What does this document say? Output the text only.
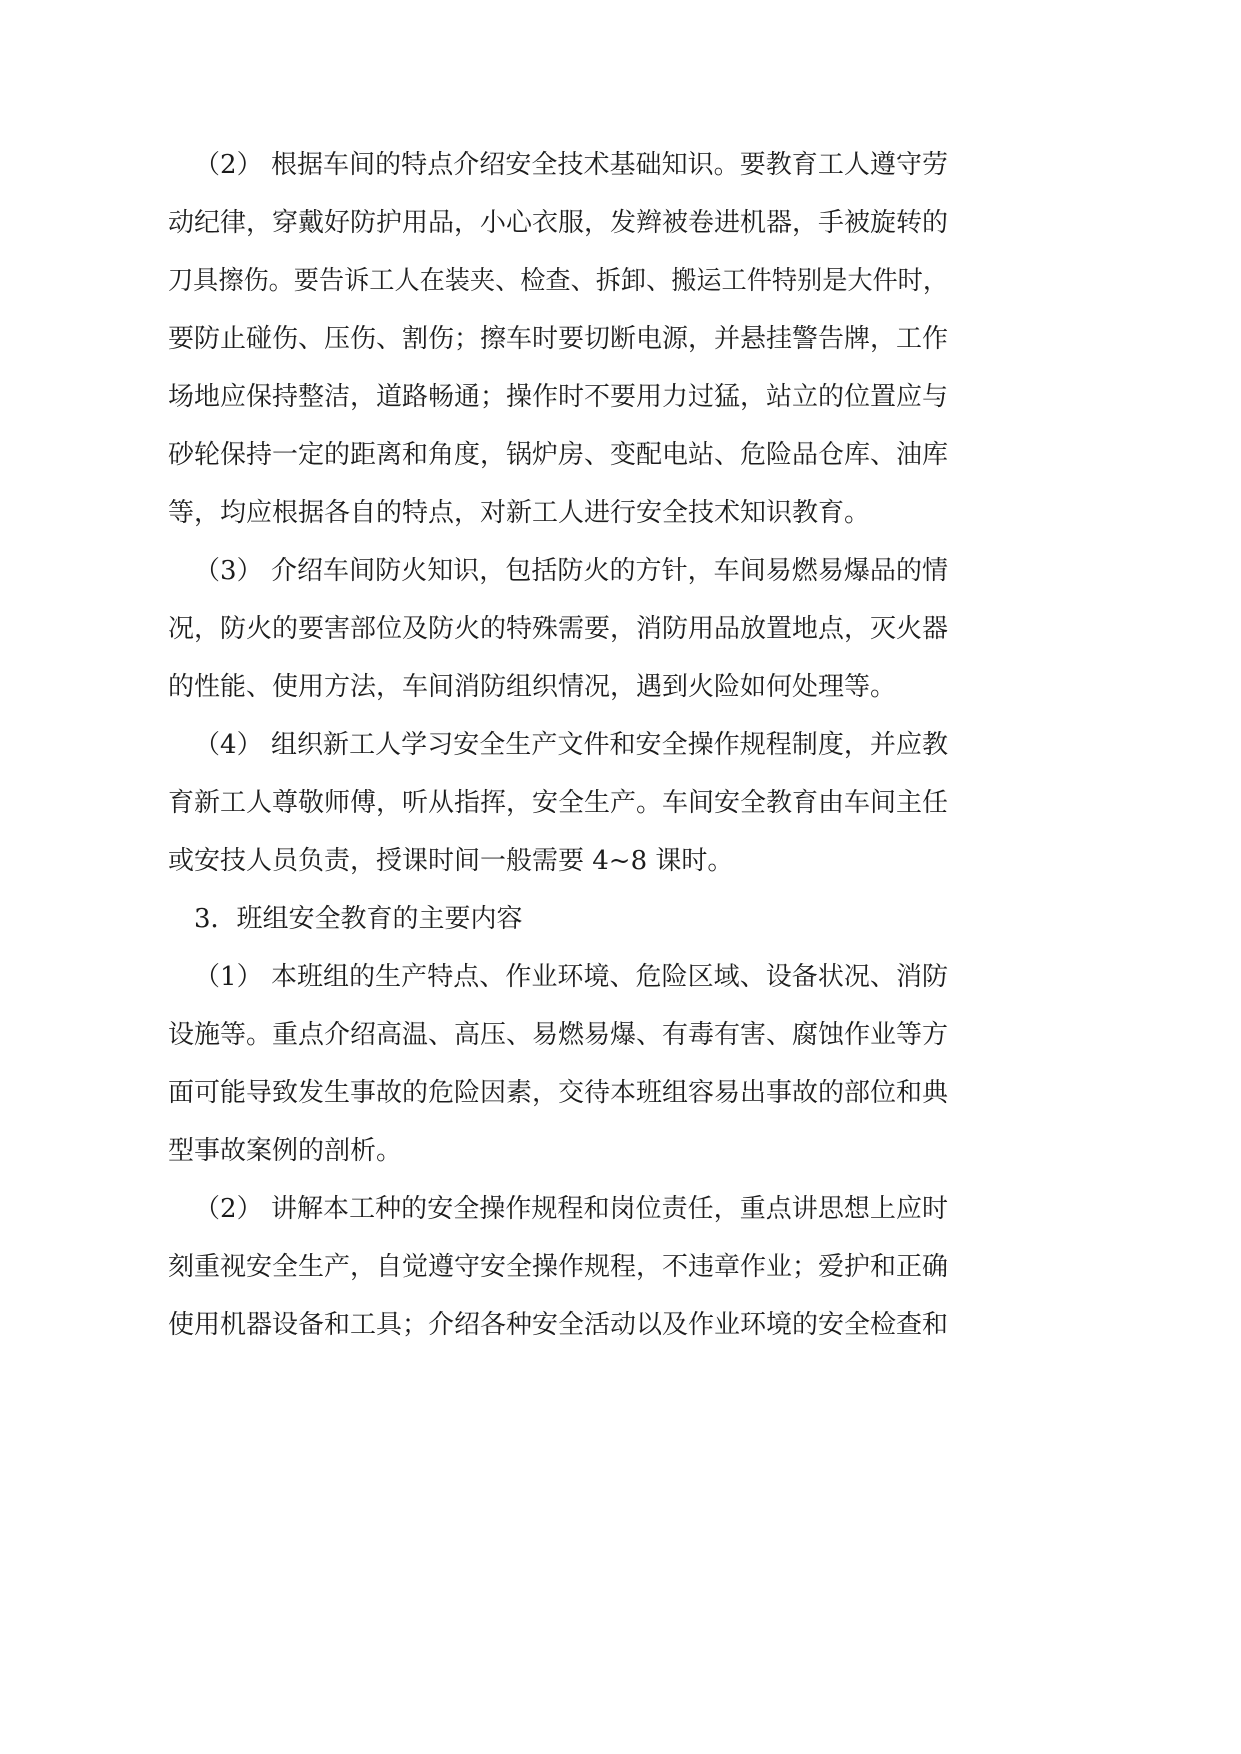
（2） 根据车间的特点介绍安全技术基础知识。要教育工人遵守劳
动纪律，穿戴好防护用品，小心衣服，发辫被卷进机器，手被旋转的
刀具擦伤。要告诉工人在装夹、检查、拆卸、搬运工件特别是大件时，
要防止碰伤、压伤、割伤；擦车时要切断电源，并悬挂警告牌，工作
场地应保持整洁，道路畅通；操作时不要用力过猛，站立的位置应与
砂轮保持一定的距离和角度，锅炉房、变配电站、危险品仓库、油库
等，均应根据各自的特点，对新工人进行安全技术知识教育。
（3） 介绍车间防火知识，包括防火的方针，车间易燃易爆品的情
况，防火的要害部位及防火的特殊需要，消防用品放置地点，灭火器
的性能、使用方法，车间消防组织情况，遇到火险如何处理等。
（4） 组织新工人学习安全生产文件和安全操作规程制度，并应教
育新工人尊敬师傅，听从指挥，安全生产。车间安全教育由车间主任
或安技人员负责，授课时间一般需要 4~8 课时。
3．班组安全教育的主要内容
（1） 本班组的生产特点、作业环境、危险区域、设备状况、消防
设施等。重点介绍高温、高压、易燃易爆、有毒有害、腐蚀作业等方
面可能导致发生事故的危险因素，交待本班组容易出事故的部位和典
型事故案例的剖析。
（2） 讲解本工种的安全操作规程和岗位责任，重点讲思想上应时
刻重视安全生产，自觉遵守安全操作规程，不违章作业；爱护和正确
使用机器设备和工具；介绍各种安全活动以及作业环境的安全检查和
